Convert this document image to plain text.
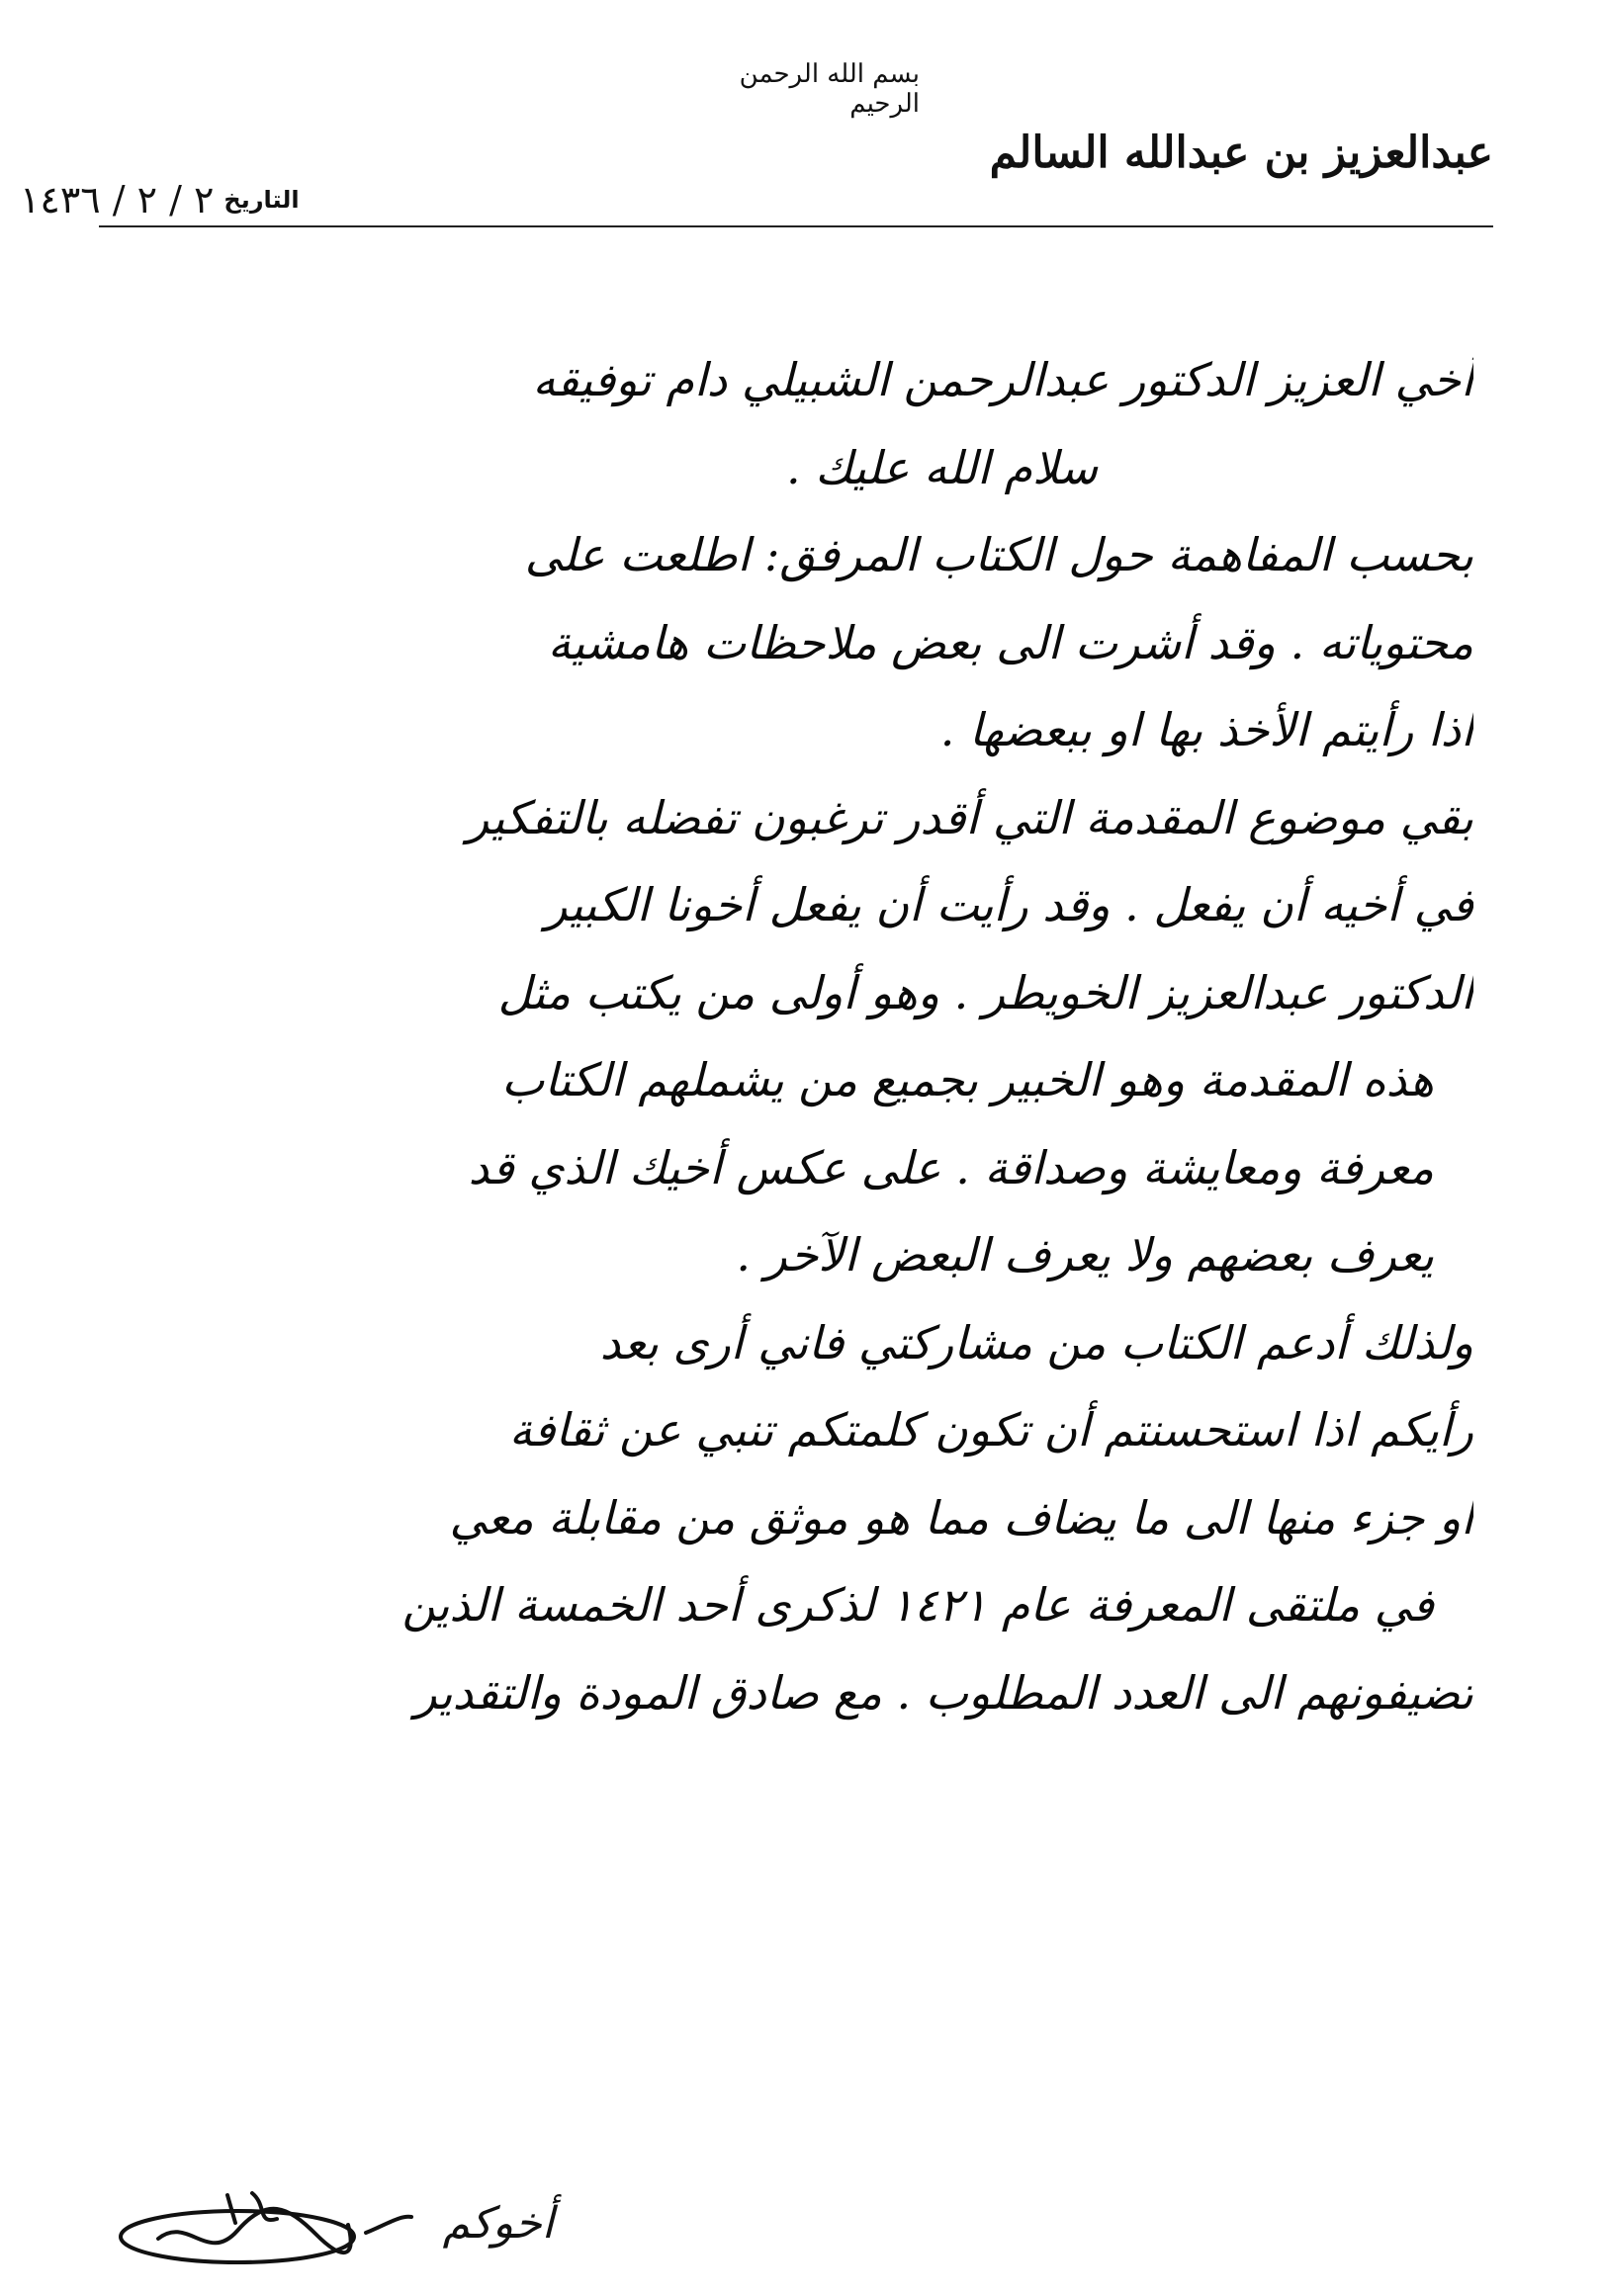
بسم الله الرحمن الرحيم
عبدالعزيز بن عبدالله السالم
التاريخ
٢ / ٢ / ١٤٣٦
أخي العزيز الدكتور عبدالرحمن الشبيلي دام توفيقه
سلام الله عليك .
بحسب المفاهمة حول الكتاب المرفق: اطلعت على
محتوياته . وقد أشرت الى بعض ملاحظات هامشية
اذا رأيتم الأخذ بها او ببعضها .
بقي موضوع المقدمة التي أقدر ترغبون تفضله بالتفكير
في أخيه أن يفعل . وقد رأيت أن يفعل أخونا الكبير
الدكتور عبدالعزيز الخويطر . وهو أولى من يكتب مثل
هذه المقدمة وهو الخبير بجميع من يشملهم الكتاب
معرفة ومعايشة وصداقة . على عكس أخيك الذي قد
يعرف بعضهم ولا يعرف البعض الآخر .
ولذلك أدعم الكتاب من مشاركتي فاني أرى بعد
رأيكم اذا استحسنتم أن تكون كلمتكم تنبي عن ثقافة
او جزء منها الى ما يضاف مما هو موثق من مقابلة معي
في ملتقى المعرفة عام ١٤٢١ لذكرى أحد الخمسة الذين
تضيفونهم الى العدد المطلوب . مع صادق المودة والتقدير
أخوكم
